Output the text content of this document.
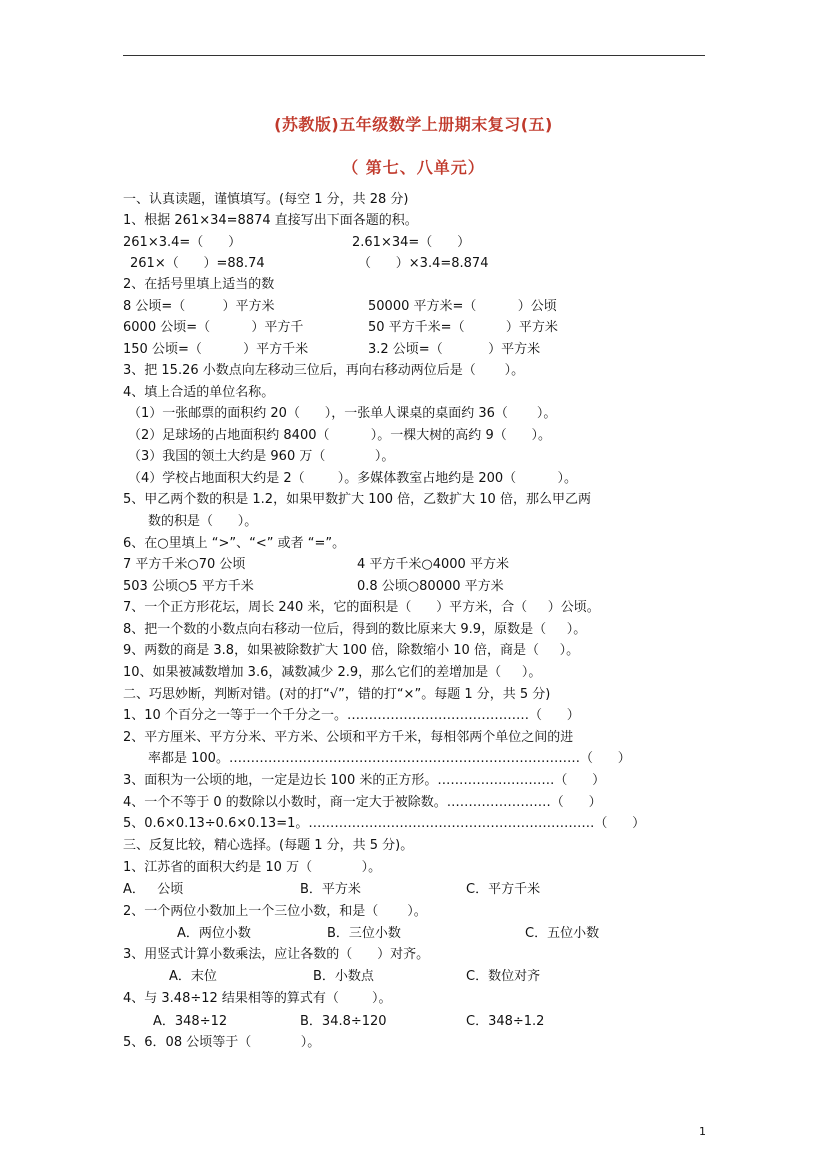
(苏教版)五年级数学上册期末复习(五)
（ 第七、八单元）
一、认真读题，谨慎填写。(每空 1 分，共 28 分)
1、根据 261×34=8874 直接写出下面各题的积。
261×3.4=（      ）	2.61×34=（      ）
261×（      ）=88.74	（      ）×3.4=8.874
2、在括号里填上适当的数
8 公顷=（         ）平方米	50000 平方米=（          ）公顷
6000 公顷=（          ）平方千	50 平方千米=（          ）平方米
150 公顷=（          ）平方千米	3.2 公顷=（           ）平方米
3、把 15.26 小数点向左移动三位后，再向右移动两位后是（       ）。
4、填上合适的单位名称。
（1）一张邮票的面积约 20（      ），一张单人课桌的桌面约 36（       ）。
（2）足球场的占地面积约 8400（          ）。一棵大树的高约 9（      ）。
（3）我国的领土大约是 960 万（            ）。
（4）学校占地面积大约是 2（        ）。多媒体教室占地约是 200（          ）。
5、甲乙两个数的积是 1.2，如果甲数扩大 100 倍，乙数扩大 10 倍，那么甲乙两
数的积是（      ）。
6、在○里填上 “>”、“<” 或者 “=”。
7 平方千米○70 公顷	4 平方千米○4000 平方米
503 公顷○5 平方千米	0.8 公顷○80000 平方米
7、一个正方形花坛，周长 240 米，它的面积是（      ）平方米，合（     ）公顷。
8、把一个数的小数点向右移动一位后，得到的数比原来大 9.9，原数是（     ）。
9、两数的商是 3.8，如果被除数扩大 100 倍，除数缩小 10 倍，商是（     ）。
10、如果被减数增加 3.6，减数减少 2.9，那么它们的差增加是（     ）。
二、巧思妙断，判断对错。(对的打“√”，错的打“×”。每题 1 分，共 5 分)
1、10 个百分之一等于一个千分之一。……………………………………（      ）
2、平方厘米、平方分米、平方米、公顷和平方千米，每相邻两个单位之间的进
率都是 100。………………………………………………………………………（      ）
3、面积为一公顷的地，一定是边长 100 米的正方形。………………………（      ）
4、一个不等于 0 的数除以小数时，商一定大于被除数。……………………（      ）
5、0.6×0.13÷0.6×0.13=1。…………………………………………………………（      ）
三、反复比较，精心选择。(每题 1 分，共 5 分)。
1、江苏省的面积大约是 10 万（            ）。
A．   公顷	B．平方米	C．平方千米
2、一个两位小数加上一个三位小数，和是（       ）。
A．两位小数	B．三位小数	C．五位小数
3、用竖式计算小数乘法，应让各数的（      ）对齐。
A．末位	B．小数点	C．数位对齐
4、与 3.48÷12 结果相等的算式有（        ）。
A．348÷12	B．34.8÷120	C．348÷1.2
5、6．08 公顷等于（            ）。
1
